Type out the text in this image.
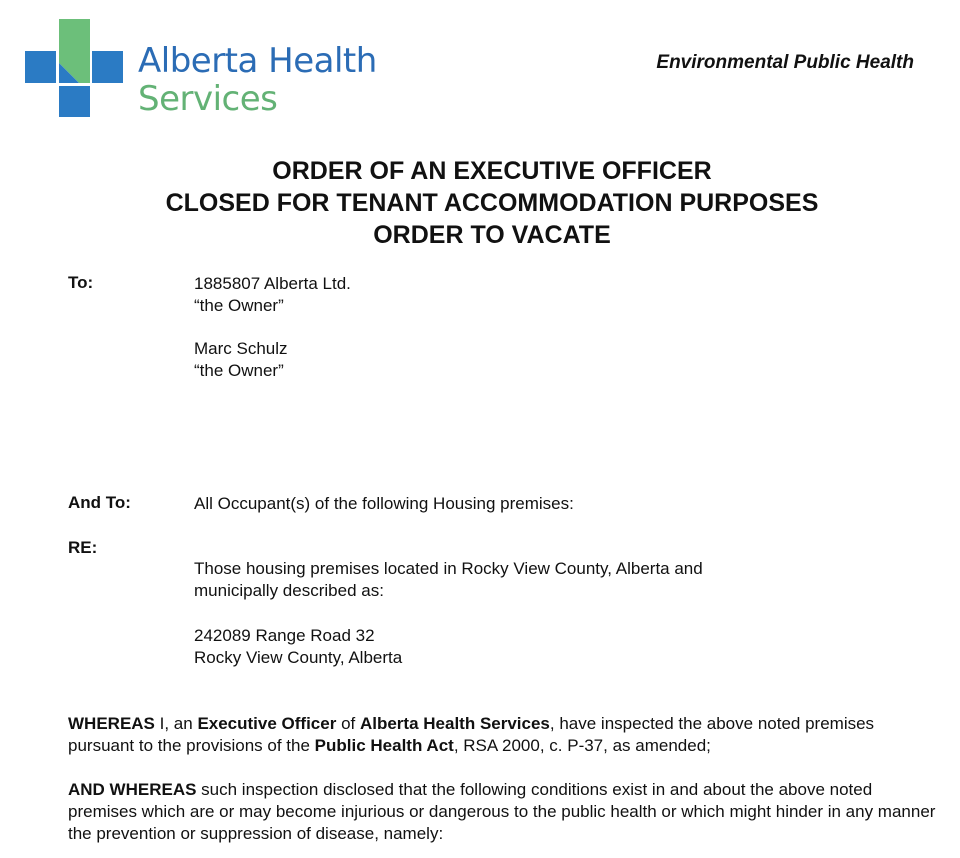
Alberta Health
Services
Environmental Public Health
ORDER OF AN EXECUTIVE OFFICER
CLOSED FOR TENANT ACCOMMODATION PURPOSES
ORDER TO VACATE
To:	1885807 Alberta Ltd.
“the Owner”
Marc Schulz
“the Owner”
And To:	All Occupant(s) of the following Housing premises:
RE:
Those housing premises located in Rocky View County, Alberta and
municipally described as:
242089 Range Road 32
Rocky View County, Alberta
WHEREAS I, an Executive Officer of Alberta Health Services, have inspected the above noted premises pursuant to the provisions of the Public Health Act, RSA 2000, c. P-37, as amended;
AND WHEREAS such inspection disclosed that the following conditions exist in and about the above noted premises which are or may become injurious or dangerous to the public health or which might hinder in any manner the prevention or suppression of disease, namely:
